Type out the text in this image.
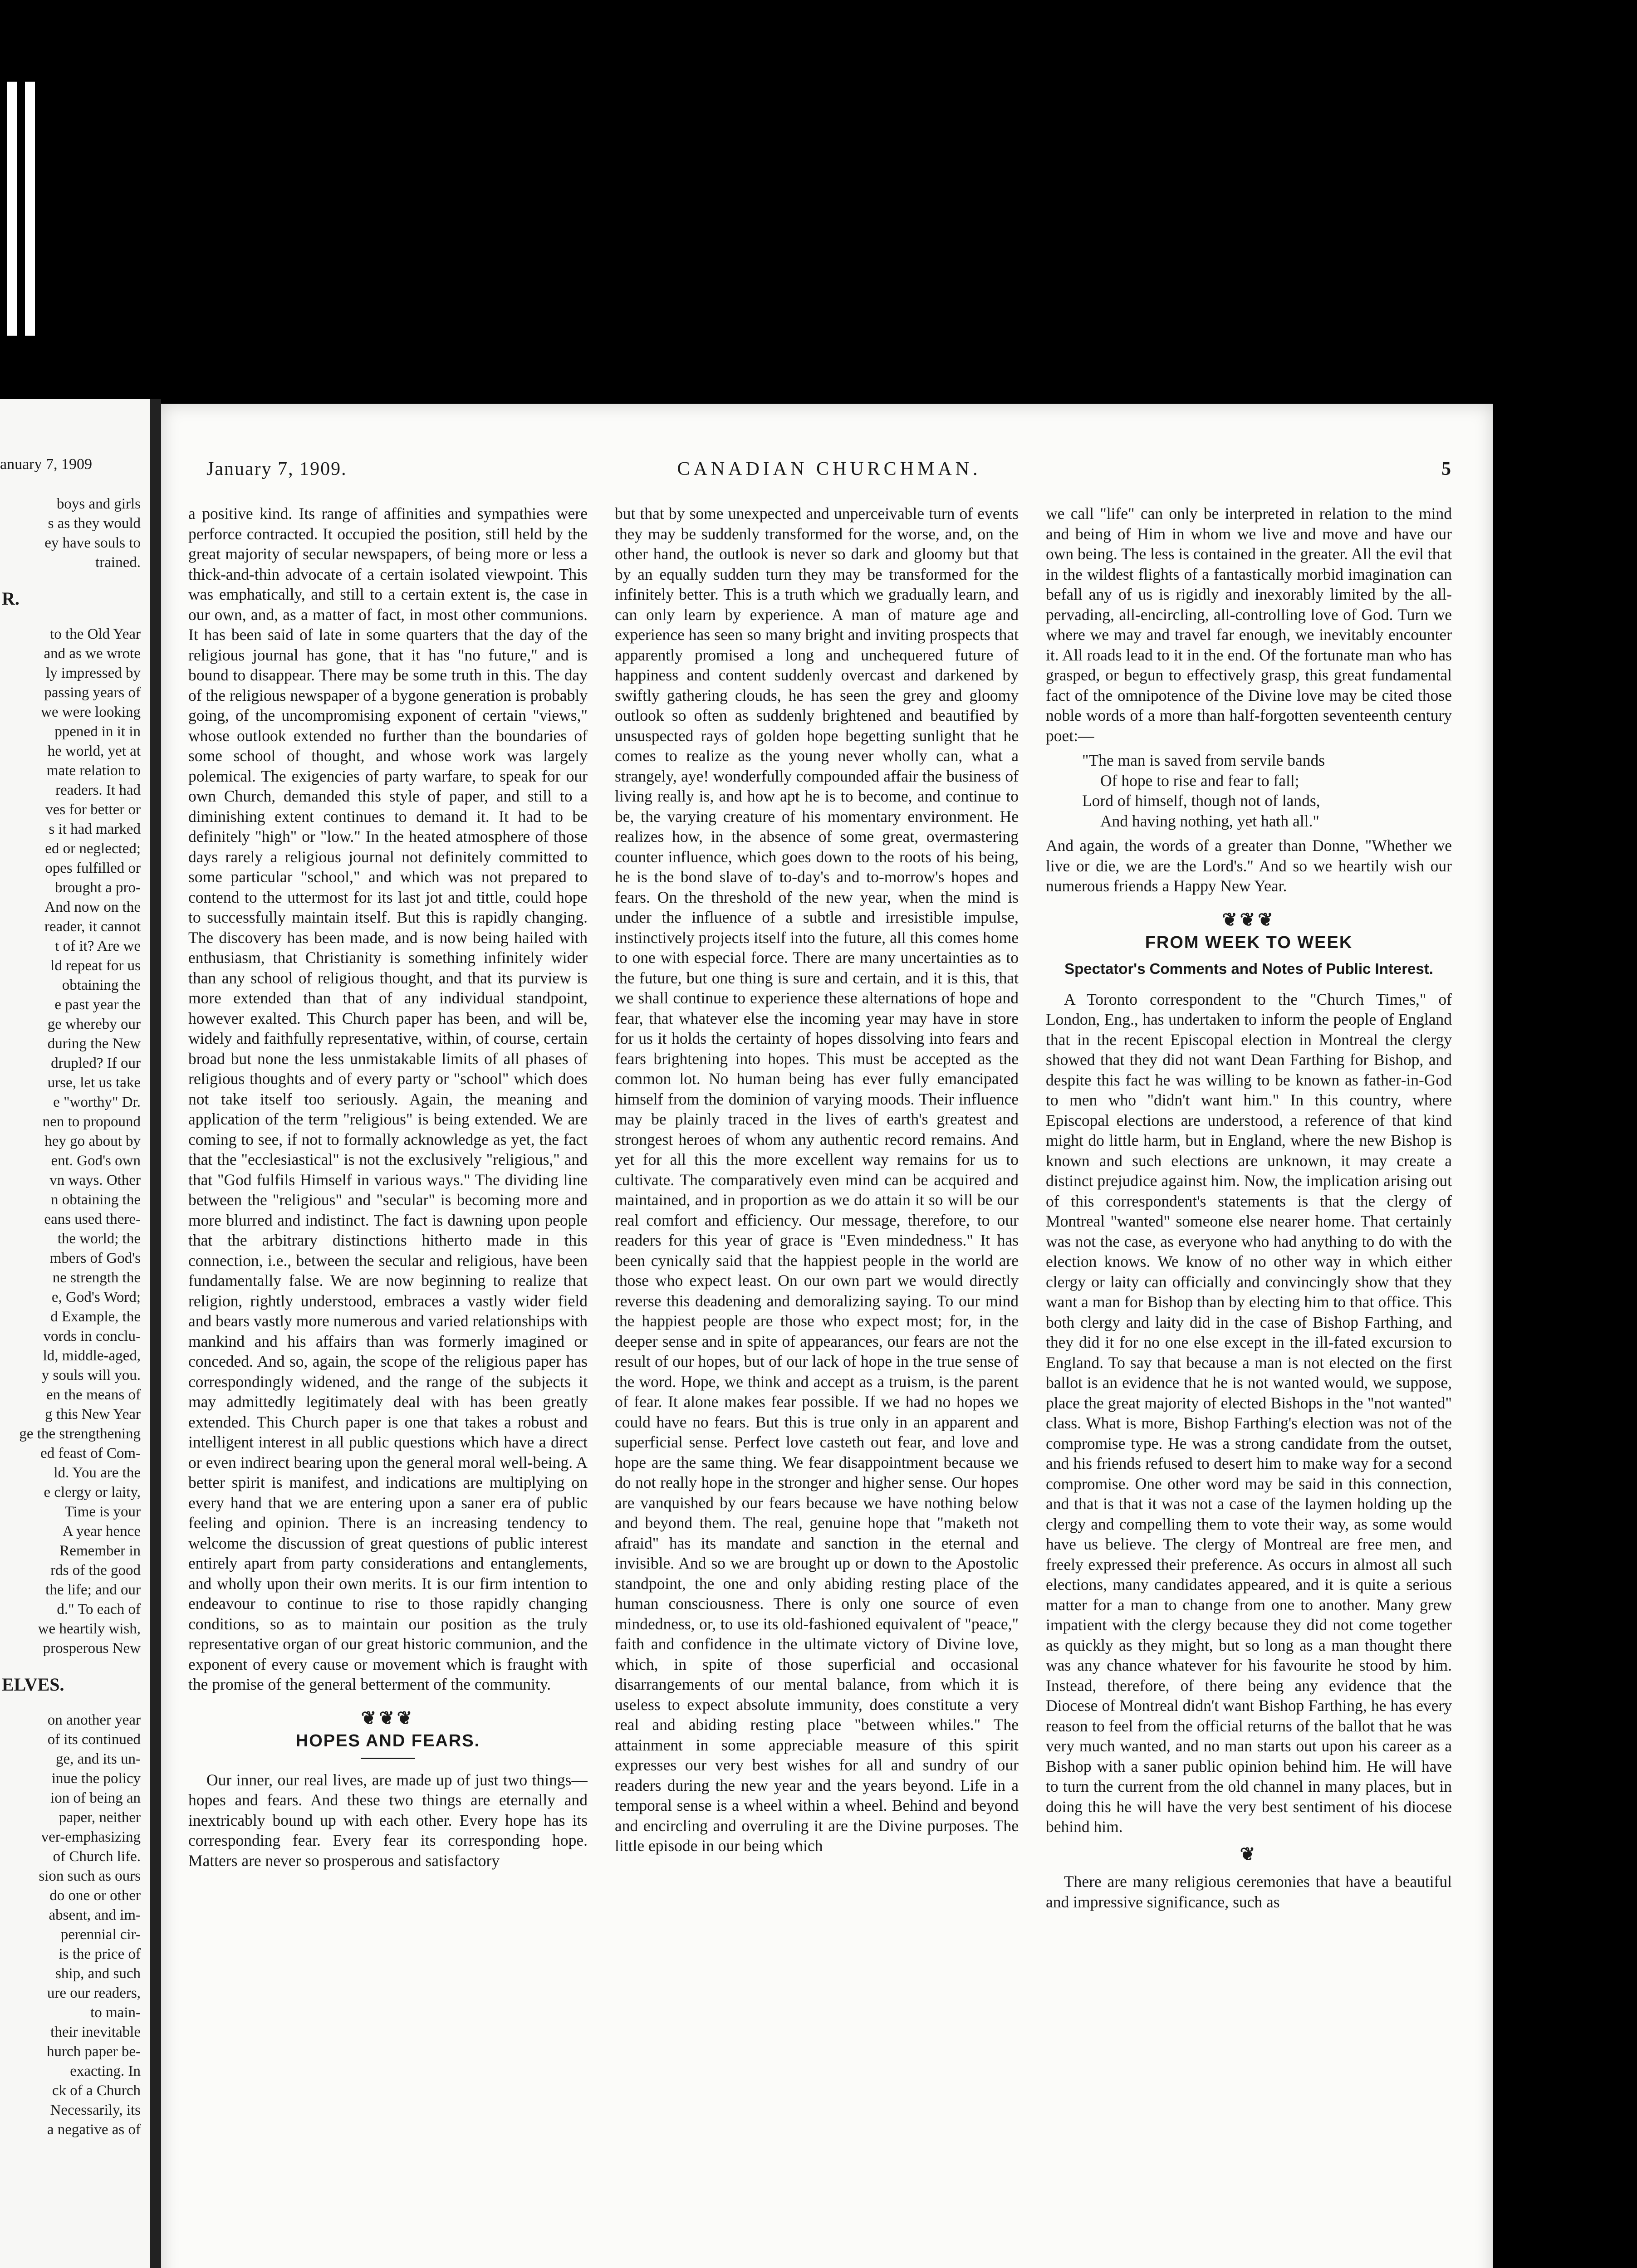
anuary 7, 1909

boys and girls

s as they would

ey have souls to

trained.

R.

to the Old Year

and as we wrote

ly impressed by

passing years of

we were looking

ppened in it in

he world, yet at

mate relation to

readers. It had

ves for better or

s it had marked

ed or neglected;

opes fulfilled or

brought a pro-

And now on the

reader, it cannot

t of it? Are we

ld repeat for us

obtaining the

e past year the

ge whereby our

during the New

drupled? If our

urse, let us take

e "worthy" Dr.

nen to propound

hey go about by

ent. God's own

vn ways. Other

n obtaining the

eans used there-

the world; the

mbers of God's

ne strength the

e, God's Word;

d Example, the

vords in conclu-

ld, middle-aged,

y souls will you.

en the means of

g this New Year

ge the strengthening

ed feast of Com-

ld. You are the

e clergy or laity,

Time is your

A year hence

Remember in

rds of the good

the life; and our

d." To each of

we heartily wish,

prosperous New

ELVES.

on another year

of its continued

ge, and its un-

inue the policy

ion of being an

paper, neither

ver-emphasizing

of Church life.

sion such as ours

do one or other

absent, and im-

perennial cir-

is the price of

ship, and such

ure our readers,

to main-

their inevitable

hurch paper be-

exacting. In

ck of a Church

Necessarily, its

a negative as of

January 7, 1909.	CANADIAN CHURCHMAN.	5

a positive kind. Its range of affinities and sympathies were perforce contracted. It occupied the position, still held by the great majority of secular newspapers, of being more or less a thick-and-thin advocate of a certain isolated viewpoint. This was emphatically, and still to a certain extent is, the case in our own, and, as a matter of fact, in most other communions. It has been said of late in some quarters that the day of the religious journal has gone, that it has "no future," and is bound to disappear. There may be some truth in this. The day of the religious newspaper of a bygone generation is probably going, of the uncompromising exponent of certain "views," whose outlook extended no further than the boundaries of some school of thought, and whose work was largely polemical. The exigencies of party warfare, to speak for our own Church, demanded this style of paper, and still to a diminishing extent continues to demand it. It had to be definitely "high" or "low." In the heated atmosphere of those days rarely a religious journal not definitely committed to some particular "school," and which was not prepared to contend to the uttermost for its last jot and tittle, could hope to successfully maintain itself. But this is rapidly changing. The discovery has been made, and is now being hailed with enthusiasm, that Christianity is something infinitely wider than any school of religious thought, and that its purview is more extended than that of any individual standpoint, however exalted. This Church paper has been, and will be, widely and faithfully representative, within, of course, certain broad but none the less unmistakable limits of all phases of religious thoughts and of every party or "school" which does not take itself too seriously. Again, the meaning and application of the term "religious" is being extended. We are coming to see, if not to formally acknowledge as yet, the fact that the "ecclesiastical" is not the exclusively "religious," and that "God fulfils Himself in various ways." The dividing line between the "religious" and "secular" is becoming more and more blurred and indistinct. The fact is dawning upon people that the arbitrary distinctions hitherto made in this connection, i.e., between the secular and religious, have been fundamentally false. We are now beginning to realize that religion, rightly understood, embraces a vastly wider field and bears vastly more numerous and varied relationships with mankind and his affairs than was formerly imagined or conceded. And so, again, the scope of the religious paper has correspondingly widened, and the range of the subjects it may admittedly legitimately deal with has been greatly extended. This Church paper is one that takes a robust and intelligent interest in all public questions which have a direct or even indirect bearing upon the general moral well-being. A better spirit is manifest, and indications are multiplying on every hand that we are entering upon a saner era of public feeling and opinion. There is an increasing tendency to welcome the discussion of great questions of public interest entirely apart from party considerations and entanglements, and wholly upon their own merits. It is our firm intention to endeavour to continue to rise to those rapidly changing conditions, so as to maintain our position as the truly representative organ of our great historic communion, and the exponent of every cause or movement which is fraught with the promise of the general betterment of the community.

❦❦❦
HOPES AND FEARS.

Our inner, our real lives, are made up of just two things—hopes and fears. And these two things are eternally and inextricably bound up with each other. Every hope has its corresponding fear. Every fear its corresponding hope. Matters are never so prosperous and satisfactory

but that by some unexpected and unperceivable turn of events they may be suddenly transformed for the worse, and, on the other hand, the outlook is never so dark and gloomy but that by an equally sudden turn they may be transformed for the infinitely better. This is a truth which we gradually learn, and can only learn by experience. A man of mature age and experience has seen so many bright and inviting prospects that apparently promised a long and unchequered future of happiness and content suddenly overcast and darkened by swiftly gathering clouds, he has seen the grey and gloomy outlook so often as suddenly brightened and beautified by unsuspected rays of golden hope begetting sunlight that he comes to realize as the young never wholly can, what a strangely, aye! wonderfully compounded affair the business of living really is, and how apt he is to become, and continue to be, the varying creature of his momentary environment. He realizes how, in the absence of some great, overmastering counter influence, which goes down to the roots of his being, he is the bond slave of to-day's and to-morrow's hopes and fears. On the threshold of the new year, when the mind is under the influence of a subtle and irresistible impulse, instinctively projects itself into the future, all this comes home to one with especial force. There are many uncertainties as to the future, but one thing is sure and certain, and it is this, that we shall continue to experience these alternations of hope and fear, that whatever else the incoming year may have in store for us it holds the certainty of hopes dissolving into fears and fears brightening into hopes. This must be accepted as the common lot. No human being has ever fully emancipated himself from the dominion of varying moods. Their influence may be plainly traced in the lives of earth's greatest and strongest heroes of whom any authentic record remains. And yet for all this the more excellent way remains for us to cultivate. The comparatively even mind can be acquired and maintained, and in proportion as we do attain it so will be our real comfort and efficiency. Our message, therefore, to our readers for this year of grace is "Even mindedness." It has been cynically said that the happiest people in the world are those who expect least. On our own part we would directly reverse this deadening and demoralizing saying. To our mind the happiest people are those who expect most; for, in the deeper sense and in spite of appearances, our fears are not the result of our hopes, but of our lack of hope in the true sense of the word. Hope, we think and accept as a truism, is the parent of fear. It alone makes fear possible. If we had no hopes we could have no fears. But this is true only in an apparent and superficial sense. Perfect love casteth out fear, and love and hope are the same thing. We fear disappointment because we do not really hope in the stronger and higher sense. Our hopes are vanquished by our fears because we have nothing below and beyond them. The real, genuine hope that "maketh not afraid" has its mandate and sanction in the eternal and invisible. And so we are brought up or down to the Apostolic standpoint, the one and only abiding resting place of the human consciousness. There is only one source of even mindedness, or, to use its old-fashioned equivalent of "peace," faith and confidence in the ultimate victory of Divine love, which, in spite of those superficial and occasional disarrangements of our mental balance, from which it is useless to expect absolute immunity, does constitute a very real and abiding resting place "between whiles." The attainment in some appreciable measure of this spirit expresses our very best wishes for all and sundry of our readers during the new year and the years beyond. Life in a temporal sense is a wheel within a wheel. Behind and beyond and encircling and overruling it are the Divine purposes. The little episode in our being which

we call "life" can only be interpreted in relation to the mind and being of Him in whom we live and move and have our own being. The less is contained in the greater. All the evil that in the wildest flights of a fantastically morbid imagination can befall any of us is rigidly and inexorably limited by the all-pervading, all-encircling, all-controlling love of God. Turn we where we may and travel far enough, we inevitably encounter it. All roads lead to it in the end. Of the fortunate man who has grasped, or begun to effectively grasp, this great fundamental fact of the omnipotence of the Divine love may be cited those noble words of a more than half-forgotten seventeenth century poet:—

"The man is saved from servile bands
Of hope to rise and fear to fall;
Lord of himself, though not of lands,
And having nothing, yet hath all."

And again, the words of a greater than Donne, "Whether we live or die, we are the Lord's." And so we heartily wish our numerous friends a Happy New Year.

❦❦❦
FROM WEEK TO WEEK
Spectator's Comments and Notes of Public Interest.

A Toronto correspondent to the "Church Times," of London, Eng., has undertaken to inform the people of England that in the recent Episcopal election in Montreal the clergy showed that they did not want Dean Farthing for Bishop, and despite this fact he was willing to be known as father-in-God to men who "didn't want him." In this country, where Episcopal elections are understood, a reference of that kind might do little harm, but in England, where the new Bishop is known and such elections are unknown, it may create a distinct prejudice against him. Now, the implication arising out of this correspondent's statements is that the clergy of Montreal "wanted" someone else nearer home. That certainly was not the case, as everyone who had anything to do with the election knows. We know of no other way in which either clergy or laity can officially and convincingly show that they want a man for Bishop than by electing him to that office. This both clergy and laity did in the case of Bishop Farthing, and they did it for no one else except in the ill-fated excursion to England. To say that because a man is not elected on the first ballot is an evidence that he is not wanted would, we suppose, place the great majority of elected Bishops in the "not wanted" class. What is more, Bishop Farthing's election was not of the compromise type. He was a strong candidate from the outset, and his friends refused to desert him to make way for a second compromise. One other word may be said in this connection, and that is that it was not a case of the laymen holding up the clergy and compelling them to vote their way, as some would have us believe. The clergy of Montreal are free men, and freely expressed their preference. As occurs in almost all such elections, many candidates appeared, and it is quite a serious matter for a man to change from one to another. Many grew impatient with the clergy because they did not come together as quickly as they might, but so long as a man thought there was any chance whatever for his favourite he stood by him. Instead, therefore, of there being any evidence that the Diocese of Montreal didn't want Bishop Farthing, he has every reason to feel from the official returns of the ballot that he was very much wanted, and no man starts out upon his career as a Bishop with a saner public opinion behind him. He will have to turn the current from the old channel in many places, but in doing this he will have the very best sentiment of his diocese behind him.

❦

There are many religious ceremonies that have a beautiful and impressive significance, such as
